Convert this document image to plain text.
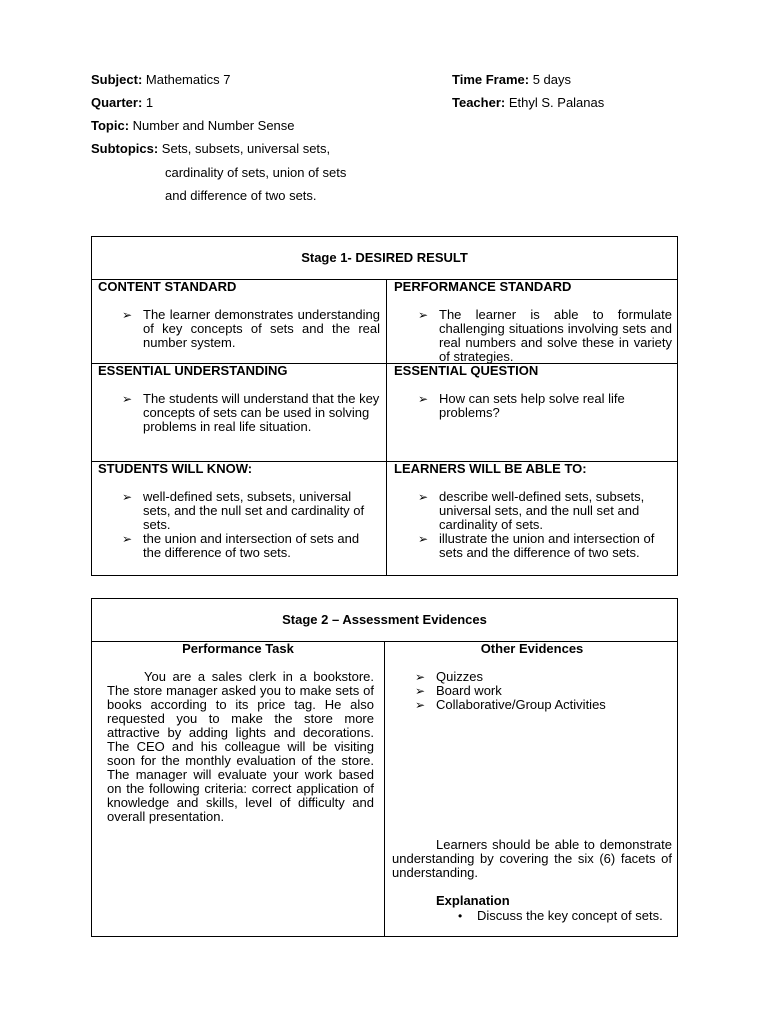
Subject: Mathematics 7
Quarter: 1
Topic: Number and Number Sense
Subtopics: Sets, subsets, universal sets,
cardinality of sets, union of sets
and difference of two sets.
Time Frame: 5 days
Teacher: Ethyl S. Palanas
Stage 1- DESIRED RESULT
CONTENT STANDARD
➢ The learner demonstrates understanding of key concepts of sets and the real number system.
PERFORMANCE STANDARD
➢ The learner is able to formulate challenging situations involving sets and real numbers and solve these in variety of strategies.
ESSENTIAL UNDERSTANDING
➢ The students will understand that the key concepts of sets can be used in solving problems in real life situation.
ESSENTIAL QUESTION
➢ How can sets help solve real life problems?
STUDENTS WILL KNOW:
➢ well-defined sets, subsets, universal sets, and the null set and cardinality of sets.
➢ the union and intersection of sets and the difference of two sets.
LEARNERS WILL BE ABLE TO:
➢ describe well-defined sets, subsets, universal sets, and the null set and cardinality of sets.
➢ illustrate the union and intersection of sets and the difference of two sets.
Stage 2 – Assessment Evidences
Performance Task
You are a sales clerk in a bookstore. The store manager asked you to make sets of books according to its price tag. He also requested you to make the store more attractive by adding lights and decorations. The CEO and his colleague will be visiting soon for the monthly evaluation of the store. The manager will evaluate your work based on the following criteria: correct application of knowledge and skills, level of difficulty and overall presentation.
Other Evidences
➢ Quizzes
➢ Board work
➢ Collaborative/Group Activities
Learners should be able to demonstrate understanding by covering the six (6) facets of understanding.
Explanation
• Discuss the key concept of sets.
